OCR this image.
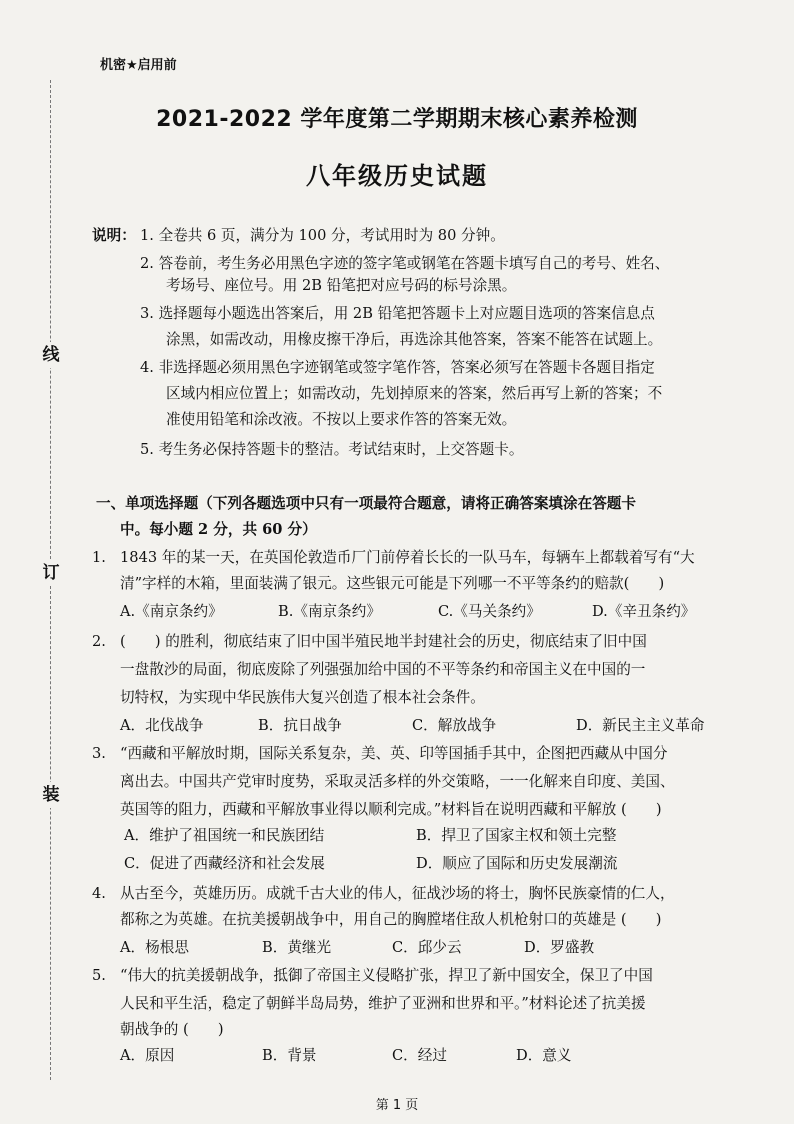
线
订
装
机密★启用前
2021-2022 学年度第二学期期末核心素养检测
八年级历史试题
说明： 1. 全卷共 6 页，满分为 100 分，考试用时为 80 分钟。
2. 答卷前，考生务必用黑色字迹的签字笔或钢笔在答题卡填写自己的考号、姓名、
考场号、座位号。用 2B 铅笔把对应号码的标号涂黑。
3. 选择题每小题选出答案后，用 2B 铅笔把答题卡上对应题目选项的答案信息点
涂黑，如需改动，用橡皮擦干净后，再选涂其他答案，答案不能答在试题上。
4. 非选择题必须用黑色字迹钢笔或签字笔作答，答案必须写在答题卡各题目指定
区域内相应位置上；如需改动，先划掉原来的答案，然后再写上新的答案；不
准使用铅笔和涂改液。不按以上要求作答的答案无效。
5. 考生务必保持答题卡的整洁。考试结束时，上交答题卡。
一、单项选择题（下列各题选项中只有一项最符合题意，请将正确答案填涂在答题卡
中。每小题 2 分，共 60 分）
1. 1843 年的某一天，在英国伦敦造币厂门前停着长长的一队马车，每辆车上都载着写有“大
清”字样的木箱，里面装满了银元。这些银元可能是下列哪一不平等条约的赔款(　　)
A.《南京条约》	B.《南京条约》	C.《马关条约》	D.《辛丑条约》
2. (　　) 的胜利，彻底结束了旧中国半殖民地半封建社会的历史，彻底结束了旧中国
一盘散沙的局面，彻底废除了列强强加给中国的不平等条约和帝国主义在中国的一
切特权，为实现中华民族伟大复兴创造了根本社会条件。
A．北伐战争	B．抗日战争	C．解放战争	D．新民主主义革命
3. “西藏和平解放时期，国际关系复杂，美、英、印等国插手其中，企图把西藏从中国分
离出去。中国共产党审时度势，采取灵活多样的外交策略，一一化解来自印度、美国、
英国等的阻力，西藏和平解放事业得以顺利完成。”材料旨在说明西藏和平解放 (　　)
A．维护了祖国统一和民族团结	B．捍卫了国家主权和领土完整
C．促进了西藏经济和社会发展	D．顺应了国际和历史发展潮流
4. 从古至今，英雄历历。成就千古大业的伟人，征战沙场的将士，胸怀民族豪情的仁人，
都称之为英雄。在抗美援朝战争中，用自己的胸膛堵住敌人机枪射口的英雄是 (　　)
A．杨根思	B．黄继光	C．邱少云	D．罗盛教
5. “伟大的抗美援朝战争，抵御了帝国主义侵略扩张，捍卫了新中国安全，保卫了中国
人民和平生活，稳定了朝鲜半岛局势，维护了亚洲和世界和平。”材料论述了抗美援
朝战争的 (　　)
A．原因	B．背景	C．经过	D．意义
第 1 页
